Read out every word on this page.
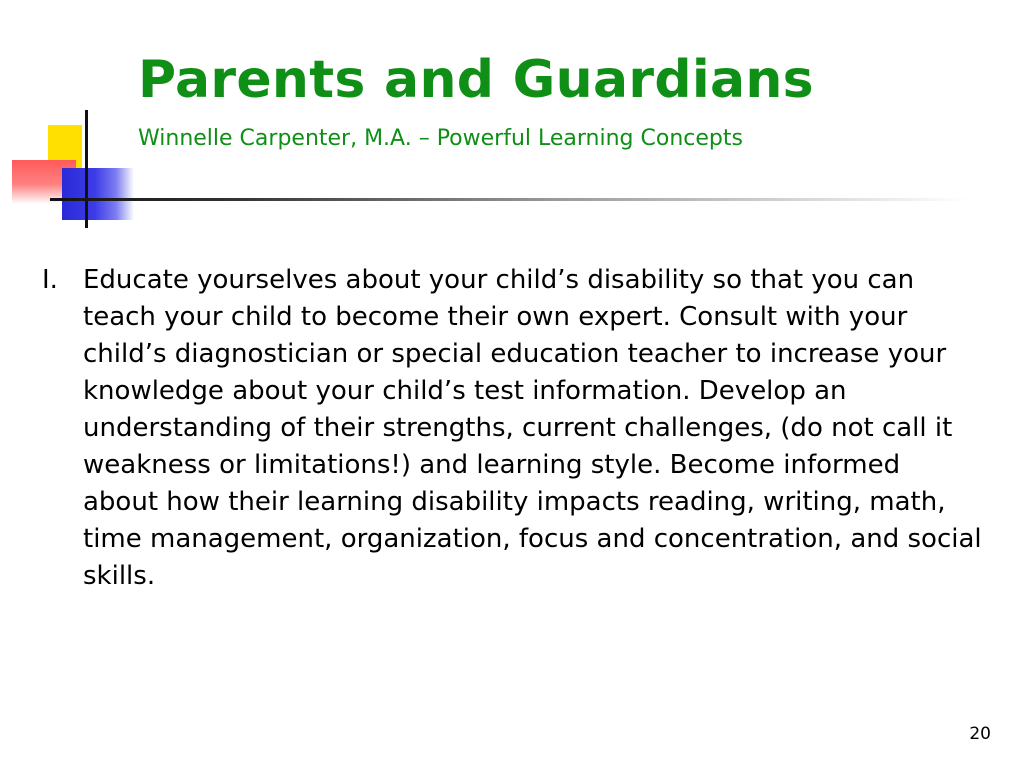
Parents and Guardians
Winnelle Carpenter, M.A. – Powerful Learning Concepts
I. Educate yourselves about your child’s disability so that you can teach your child to become their own expert. Consult with your child’s diagnostician or special education teacher to increase your knowledge about your child’s test information. Develop an understanding of their strengths, current challenges, (do not call it weakness or limitations!) and learning style. Become informed about how their learning disability impacts reading, writing, math, time management, organization, focus and concentration, and social skills.
20
